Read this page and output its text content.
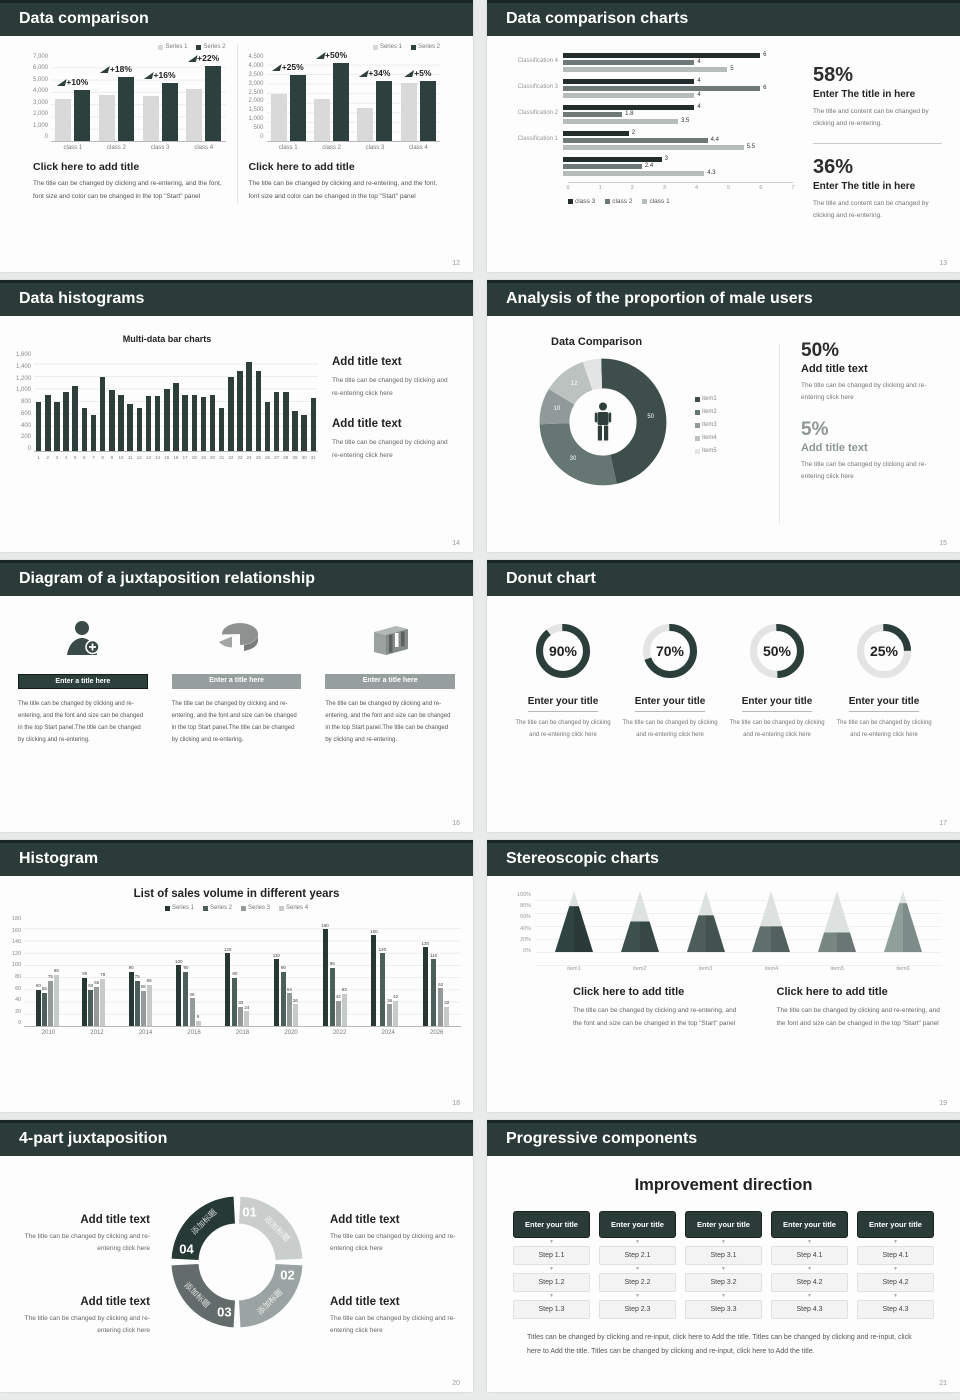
Data comparison
Series 1	Series 2
7,000
6,000
5,000
4,000
3,000
2,000
1,000
0
+10%
+18%
+16%
+22%
class 1	class 2	class 3	class 4
Click here to add title

The title can be changed by clicking and re-entering, and the font, font size and color can be changed in the top "Start" panel

Series 1	Series 2
4,500
4,000
3,500
3,000
2,500
2,000
1,500
1,000
500
0
+25%
+50%
+34%	+5%
class 1	class 2	class 3	class 4
Click here to add title

The title can be changed by clicking and re-entering, and the font, font size and color can be changed in the top "Start" panel

12
Data comparison charts
Classification 4
6
4
5
Classification 3
4
6
4
Classification 2
4
1.8
3.5
Classification 1
2
4.4
5.5
3
2.4
4.3
0	1	2	3	4	5	6	7
class 3	class 2	class 1
58%
Enter The title in here
The title and content can be changed by clicking and re-entering.
36%
Enter The title in here
The title and content can be changed by clicking and re-entering.
13
Data histograms
Multi-data bar charts
1,600
1,400
1,200
1,000
800
600
400
200
0
1	2	3	4	5	6	7	8	9	10 11 12 13 14 15 16 17 18 19 20 21 22 23 24 25 26 27 28 29 30 31
Add title text

The title can be changed by clicking and re-entering click here

Add title text

The title can be changed by clicking and re-entering click here

14
Analysis of the proportion of male users
Data Comparison
50
30
10
12
item1
item2
item3
item4
item5
50%
Add title text
The title can be changed by clicking and re-entering click here
5%
Add title text
The title can be changed by clicking and re-entering click here
15
Diagram of a juxtaposition relationship
Enter a title here

The title can be changed by clicking and re-entering, and the font and size can be changed in the top Start panel.The title can be changed by clicking and re-entering.

Enter a title here

The title can be changed by clicking and re-entering, and the font and size can be changed in the top Start panel.The title can be changed by clicking and re-entering.

Enter a title here

The title can be changed by clicking and re-entering, and the font and size can be changed in the top Start panel.The title can be changed by clicking and re-entering.

16
Donut chart
90%
Enter your title

The title can be changed by clicking and re-entering click here

70%
Enter your title

The title can be changed by clicking and re-entering click here

50%
Enter your title

The title can be changed by clicking and re-entering click here

25%
Enter your title

The title can be changed by clicking and re-entering click here

17
Histogram
List of sales volume in different years
Series 1	Series 2	Series 3	Series 4
180
160
140
120
100
80
60
40
20
0
60
55
75
85
80
60
65
78
90
75
58
68
100
90
46
9
120
80
32
24
110
90
54
36
160
96
42
53
150
120
36
42
130
110
62
32
2010	2012	2014	2016	2018	2020	2022	2024	2026
18
Stereoscopic charts
100%
80%
60%
40%
20%
0%
item1	item2	item3	item4	item5	item6
Click here to add title

The title can be changed by clicking and re-entering, and the font and size can be changed in the top "Start" panel

Click here to add title

The title can be changed by clicking and re-entering, and the font and size can be changed in the top "Start" panel

19
4-part juxtaposition
01
添加标题
02
添加标题
03
添加标题
04
添加标题
Add title text

The title can be changed by clicking and re-entering click here

Add title text

The title can be changed by clicking and re-entering click here

Add title text

The title can be changed by clicking and re-entering click here

Add title text

The title can be changed by clicking and re-entering click here

20
Progressive components
Improvement direction
Enter your title
▼
Step 1.1
▼
Step 1.2
▼
Step 1.3
Enter your title
▼
Step 2.1
▼
Step 2.2
▼
Step 2.3
Enter your title
▼
Step 3.1
▼
Step 3.2
▼
Step 3.3
Enter your title
▼
Step 4.1
▼
Step 4.2
▼
Step 4.3
Enter your title
▼
Step 4.1
▼
Step 4.2
▼
Step 4.3

Titles can be changed by clicking and re-input, click here to Add the title. Titles can be changed by clicking and re-input, click here to Add the title. Titles can be changed by clicking and re-input, click here to Add the title.

21
